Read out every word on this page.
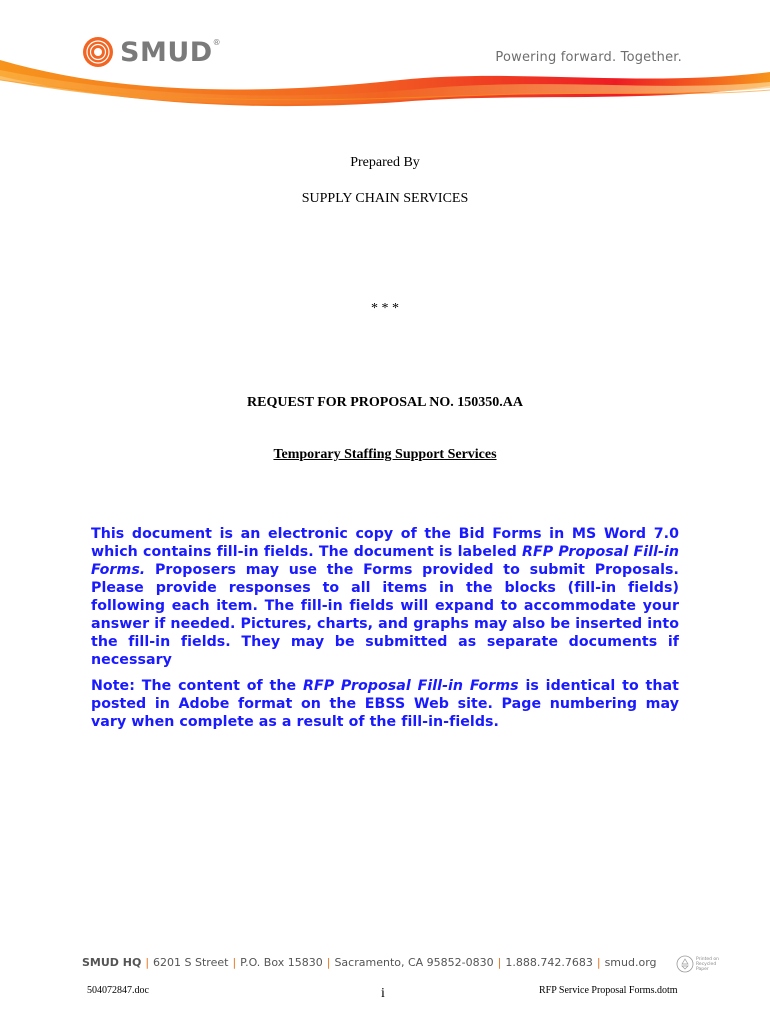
SMUD ®
Powering forward. Together.
Prepared By
SUPPLY CHAIN SERVICES
* * *
REQUEST FOR PROPOSAL NO. 150350.AA
Temporary Staffing Support Services
This document is an electronic copy of the Bid Forms in MS Word 7.0 which contains fill-in fields. The document is labeled RFP Proposal Fill-in Forms. Proposers may use the Forms provided to submit Proposals. Please provide responses to all items in the blocks (fill-in fields) following each item. The fill-in fields will expand to accommodate your answer if needed. Pictures, charts, and graphs may also be inserted into the fill-in fields. They may be submitted as separate documents if necessary
Note: The content of the RFP Proposal Fill-in Forms is identical to that posted in Adobe format on the EBSS Web site. Page numbering may vary when complete as a result of the fill-in-fields.
SMUD HQ | 6201 S Street | P.O. Box 15830 | Sacramento, CA 95852-0830 | 1.888.742.7683 | smud.org	Printed on Recycled Paper
504072847.doc	i	RFP Service Proposal Forms.dotm
